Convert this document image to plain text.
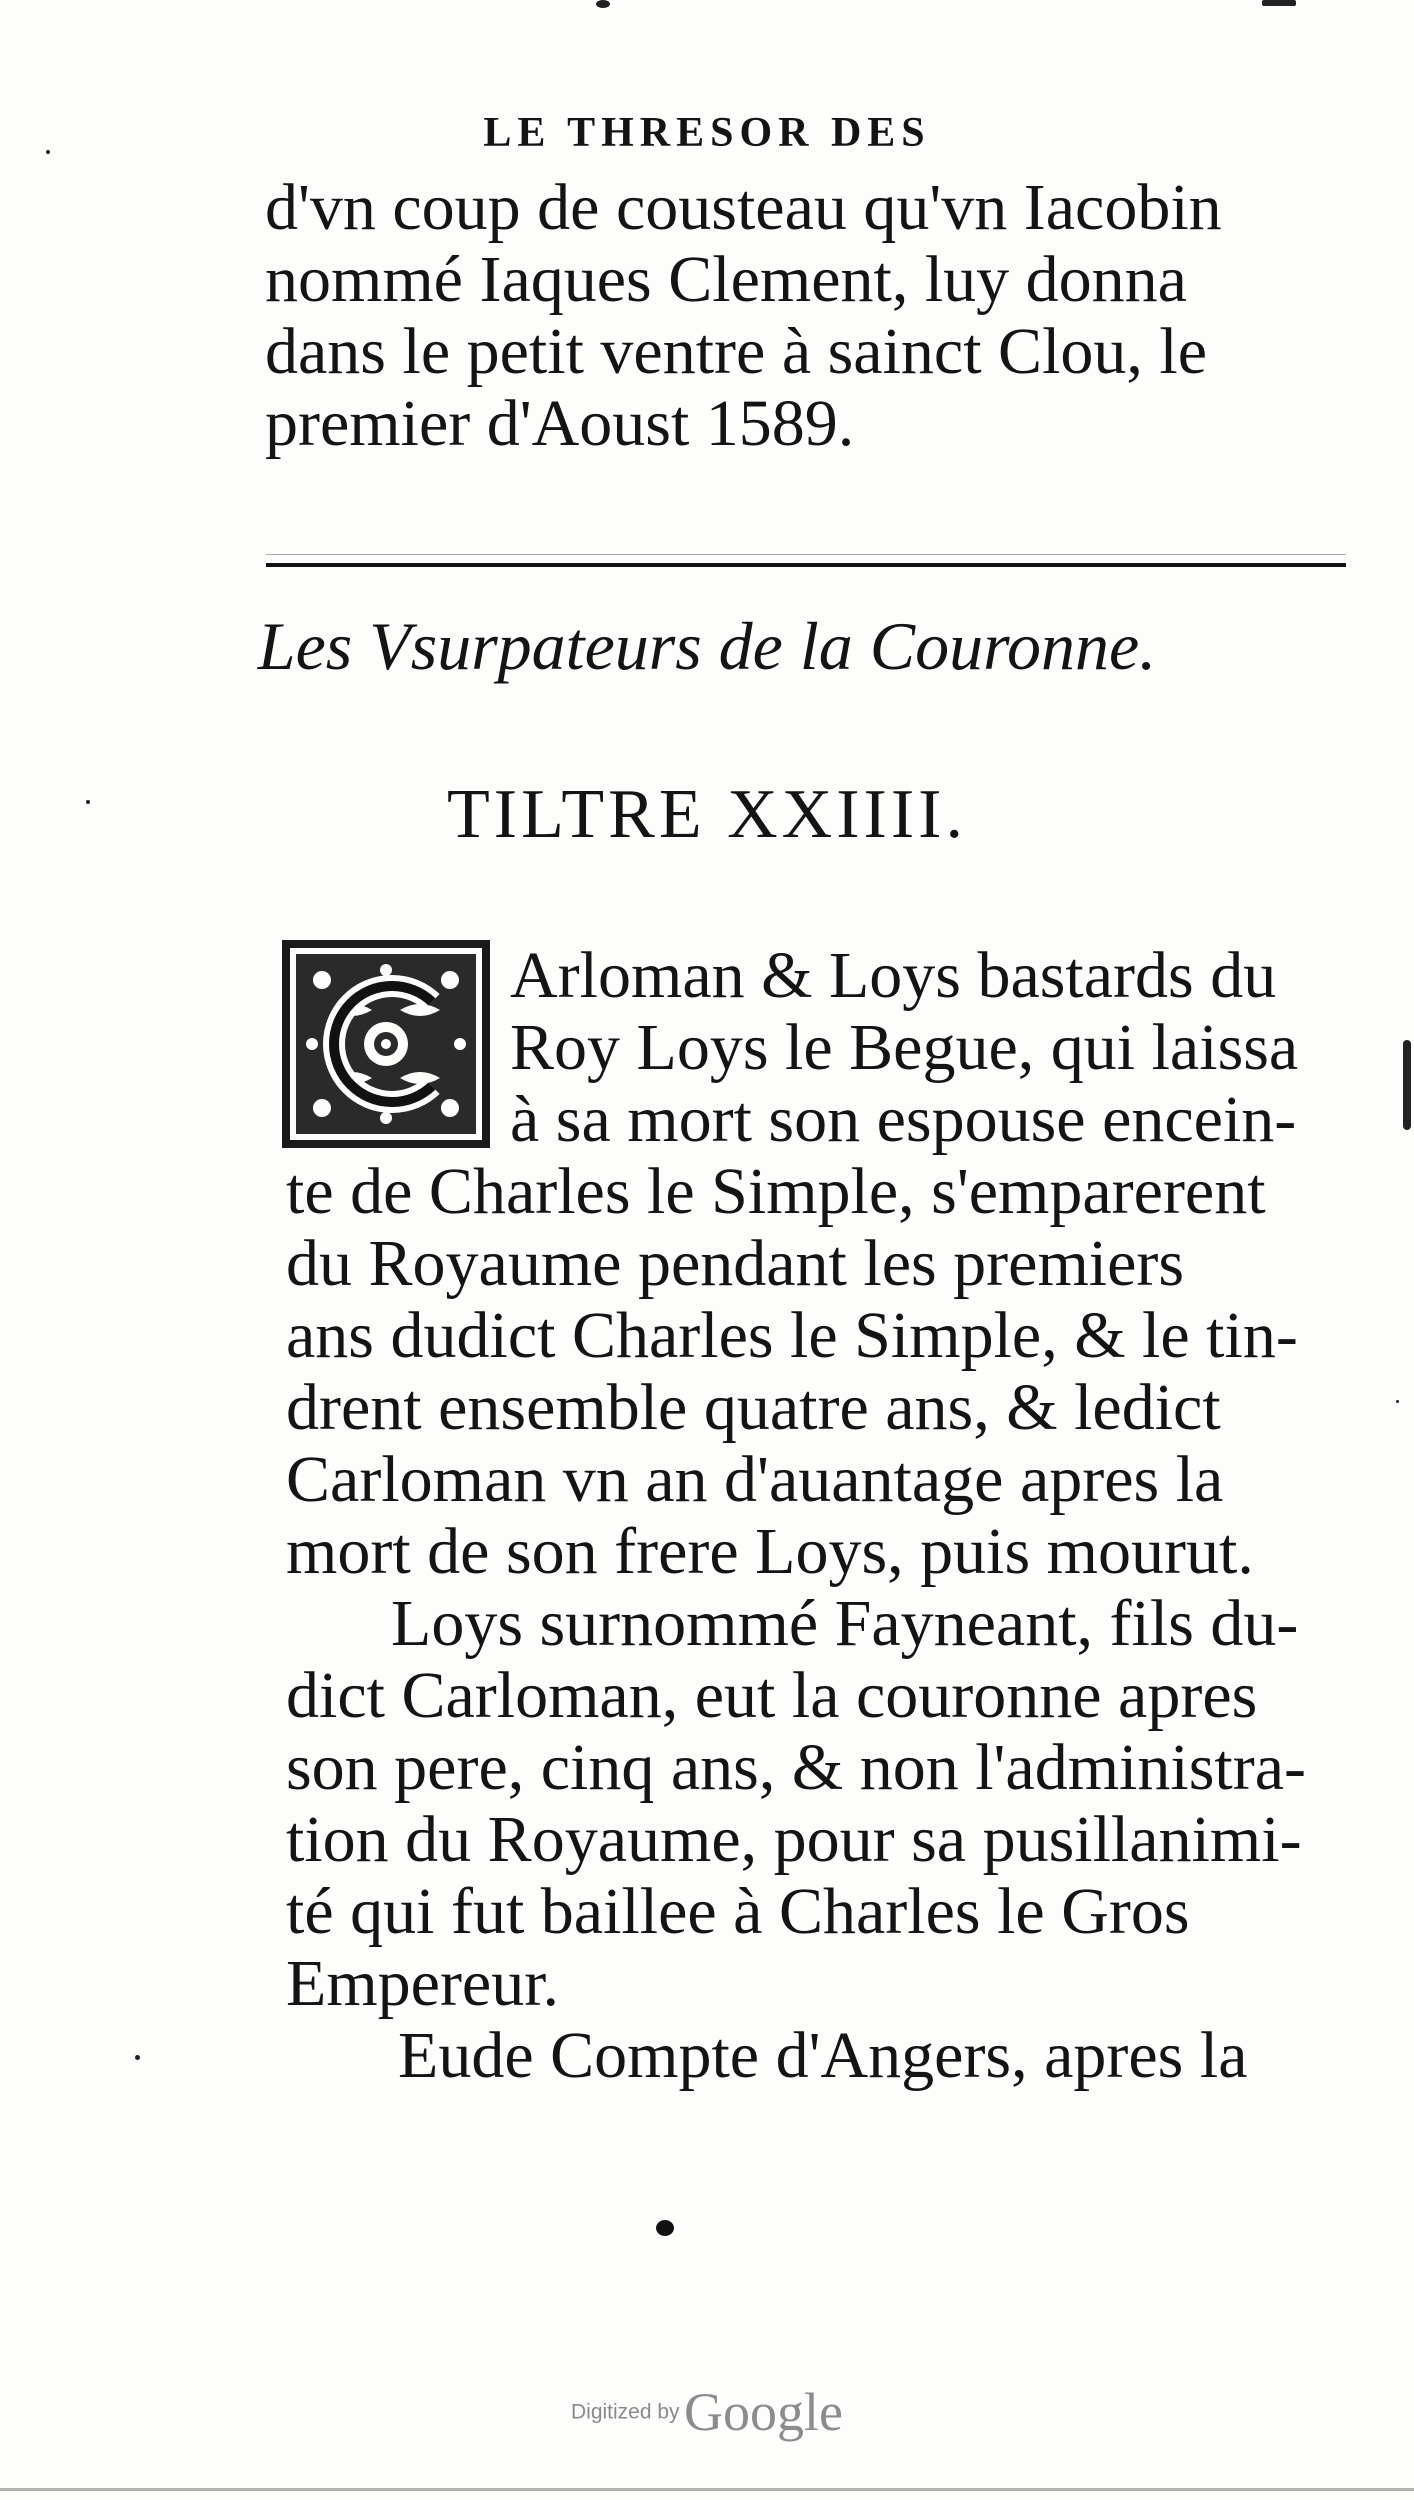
LE THRESOR DES
d'vn coup de cousteau qu'vn Iacobin
nommé Iaques Clement, luy donna
dans le petit ventre à sainct Clou, le
premier d'Aoust 1589.
Les Vsurpateurs de la Couronne.
TILTRE XXIIII.
C
Arloman & Loys bastards du
Roy Loys le Begue, qui laissa
à sa mort son espouse encein-
te de Charles le Simple, s'emparerent
du Royaume pendant les premiers
ans dudict Charles le Simple, & le tin-
drent ensemble quatre ans, & ledict
Carloman vn an d'auantage apres la
mort de son frere Loys, puis mourut.
Loys surnommé Fayneant, fils du-
dict Carloman, eut la couronne apres
son pere, cinq ans, & non l'administra-
tion du Royaume, pour sa pusillanimi-
té qui fut baillee à Charles le Gros
Empereur.
Eude Compte d'Angers, apres la
Digitized by Google
